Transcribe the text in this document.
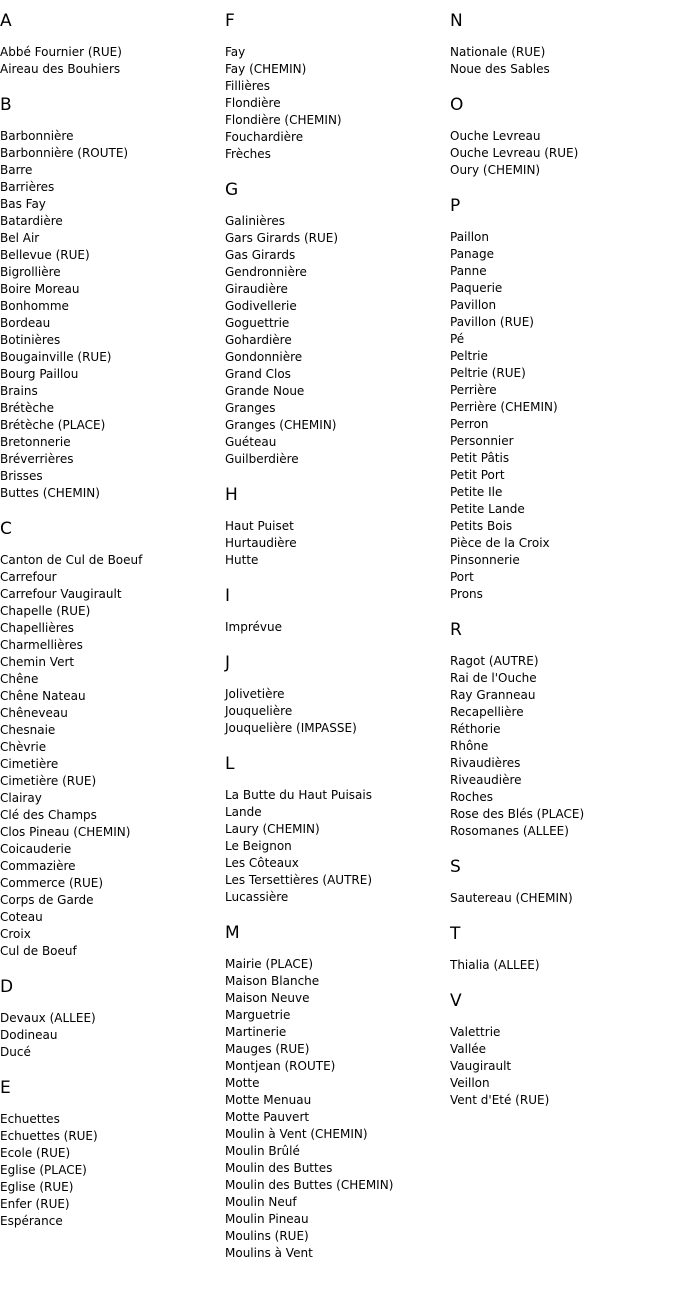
A
Abbé Fournier (RUE)
Aireau des Bouhiers
B
Barbonnière
Barbonnière (ROUTE)
Barre
Barrières
Bas Fay
Batardière
Bel Air
Bellevue (RUE)
Bigrollière
Boire Moreau
Bonhomme
Bordeau
Botinières
Bougainville (RUE)
Bourg Paillou
Brains
Brétèche
Brétèche (PLACE)
Bretonnerie
Bréverrières
Brisses
Buttes (CHEMIN)
C
Canton de Cul de Boeuf
Carrefour
Carrefour Vaugirault
Chapelle (RUE)
Chapellières
Charmellières
Chemin Vert
Chêne
Chêne Nateau
Chêneveau
Chesnaie
Chèvrie
Cimetière
Cimetière (RUE)
Clairay
Clé des Champs
Clos Pineau (CHEMIN)
Coicauderie
Commazière
Commerce (RUE)
Corps de Garde
Coteau
Croix
Cul de Boeuf
D
Devaux (ALLEE)
Dodineau
Ducé
E
Echuettes
Echuettes (RUE)
Ecole (RUE)
Eglise (PLACE)
Eglise (RUE)
Enfer (RUE)
Espérance
F
Fay
Fay (CHEMIN)
Fillières
Flondière
Flondière (CHEMIN)
Fouchardière
Frèches
G
Galinières
Gars Girards (RUE)
Gas Girards
Gendronnière
Giraudière
Godivellerie
Goguettrie
Gohardière
Gondonnière
Grand Clos
Grande Noue
Granges
Granges (CHEMIN)
Guéteau
Guilberdière
H
Haut Puiset
Hurtaudière
Hutte
I
Imprévue
J
Jolivetière
Jouquelière
Jouquelière (IMPASSE)
L
La Butte du Haut Puisais
Lande
Laury (CHEMIN)
Le Beignon
Les Côteaux
Les Tersettières (AUTRE)
Lucassière
M
Mairie (PLACE)
Maison Blanche
Maison Neuve
Marguetrie
Martinerie
Mauges (RUE)
Montjean (ROUTE)
Motte
Motte Menuau
Motte Pauvert
Moulin à Vent (CHEMIN)
Moulin Brûlé
Moulin des Buttes
Moulin des Buttes (CHEMIN)
Moulin Neuf
Moulin Pineau
Moulins (RUE)
Moulins à Vent
N
Nationale (RUE)
Noue des Sables
O
Ouche Levreau
Ouche Levreau (RUE)
Oury (CHEMIN)
P
Paillon
Panage
Panne
Paquerie
Pavillon
Pavillon (RUE)
Pé
Peltrie
Peltrie (RUE)
Perrière
Perrière (CHEMIN)
Perron
Personnier
Petit Pâtis
Petit Port
Petite Ile
Petite Lande
Petits Bois
Pièce de la Croix
Pinsonnerie
Port
Prons
R
Ragot (AUTRE)
Rai de l'Ouche
Ray Granneau
Recapellière
Réthorie
Rhône
Rivaudières
Riveaudière
Roches
Rose des Blés (PLACE)
Rosomanes (ALLEE)
S
Sautereau (CHEMIN)
T
Thialia (ALLEE)
V
Valettrie
Vallée
Vaugirault
Veillon
Vent d'Eté (RUE)
